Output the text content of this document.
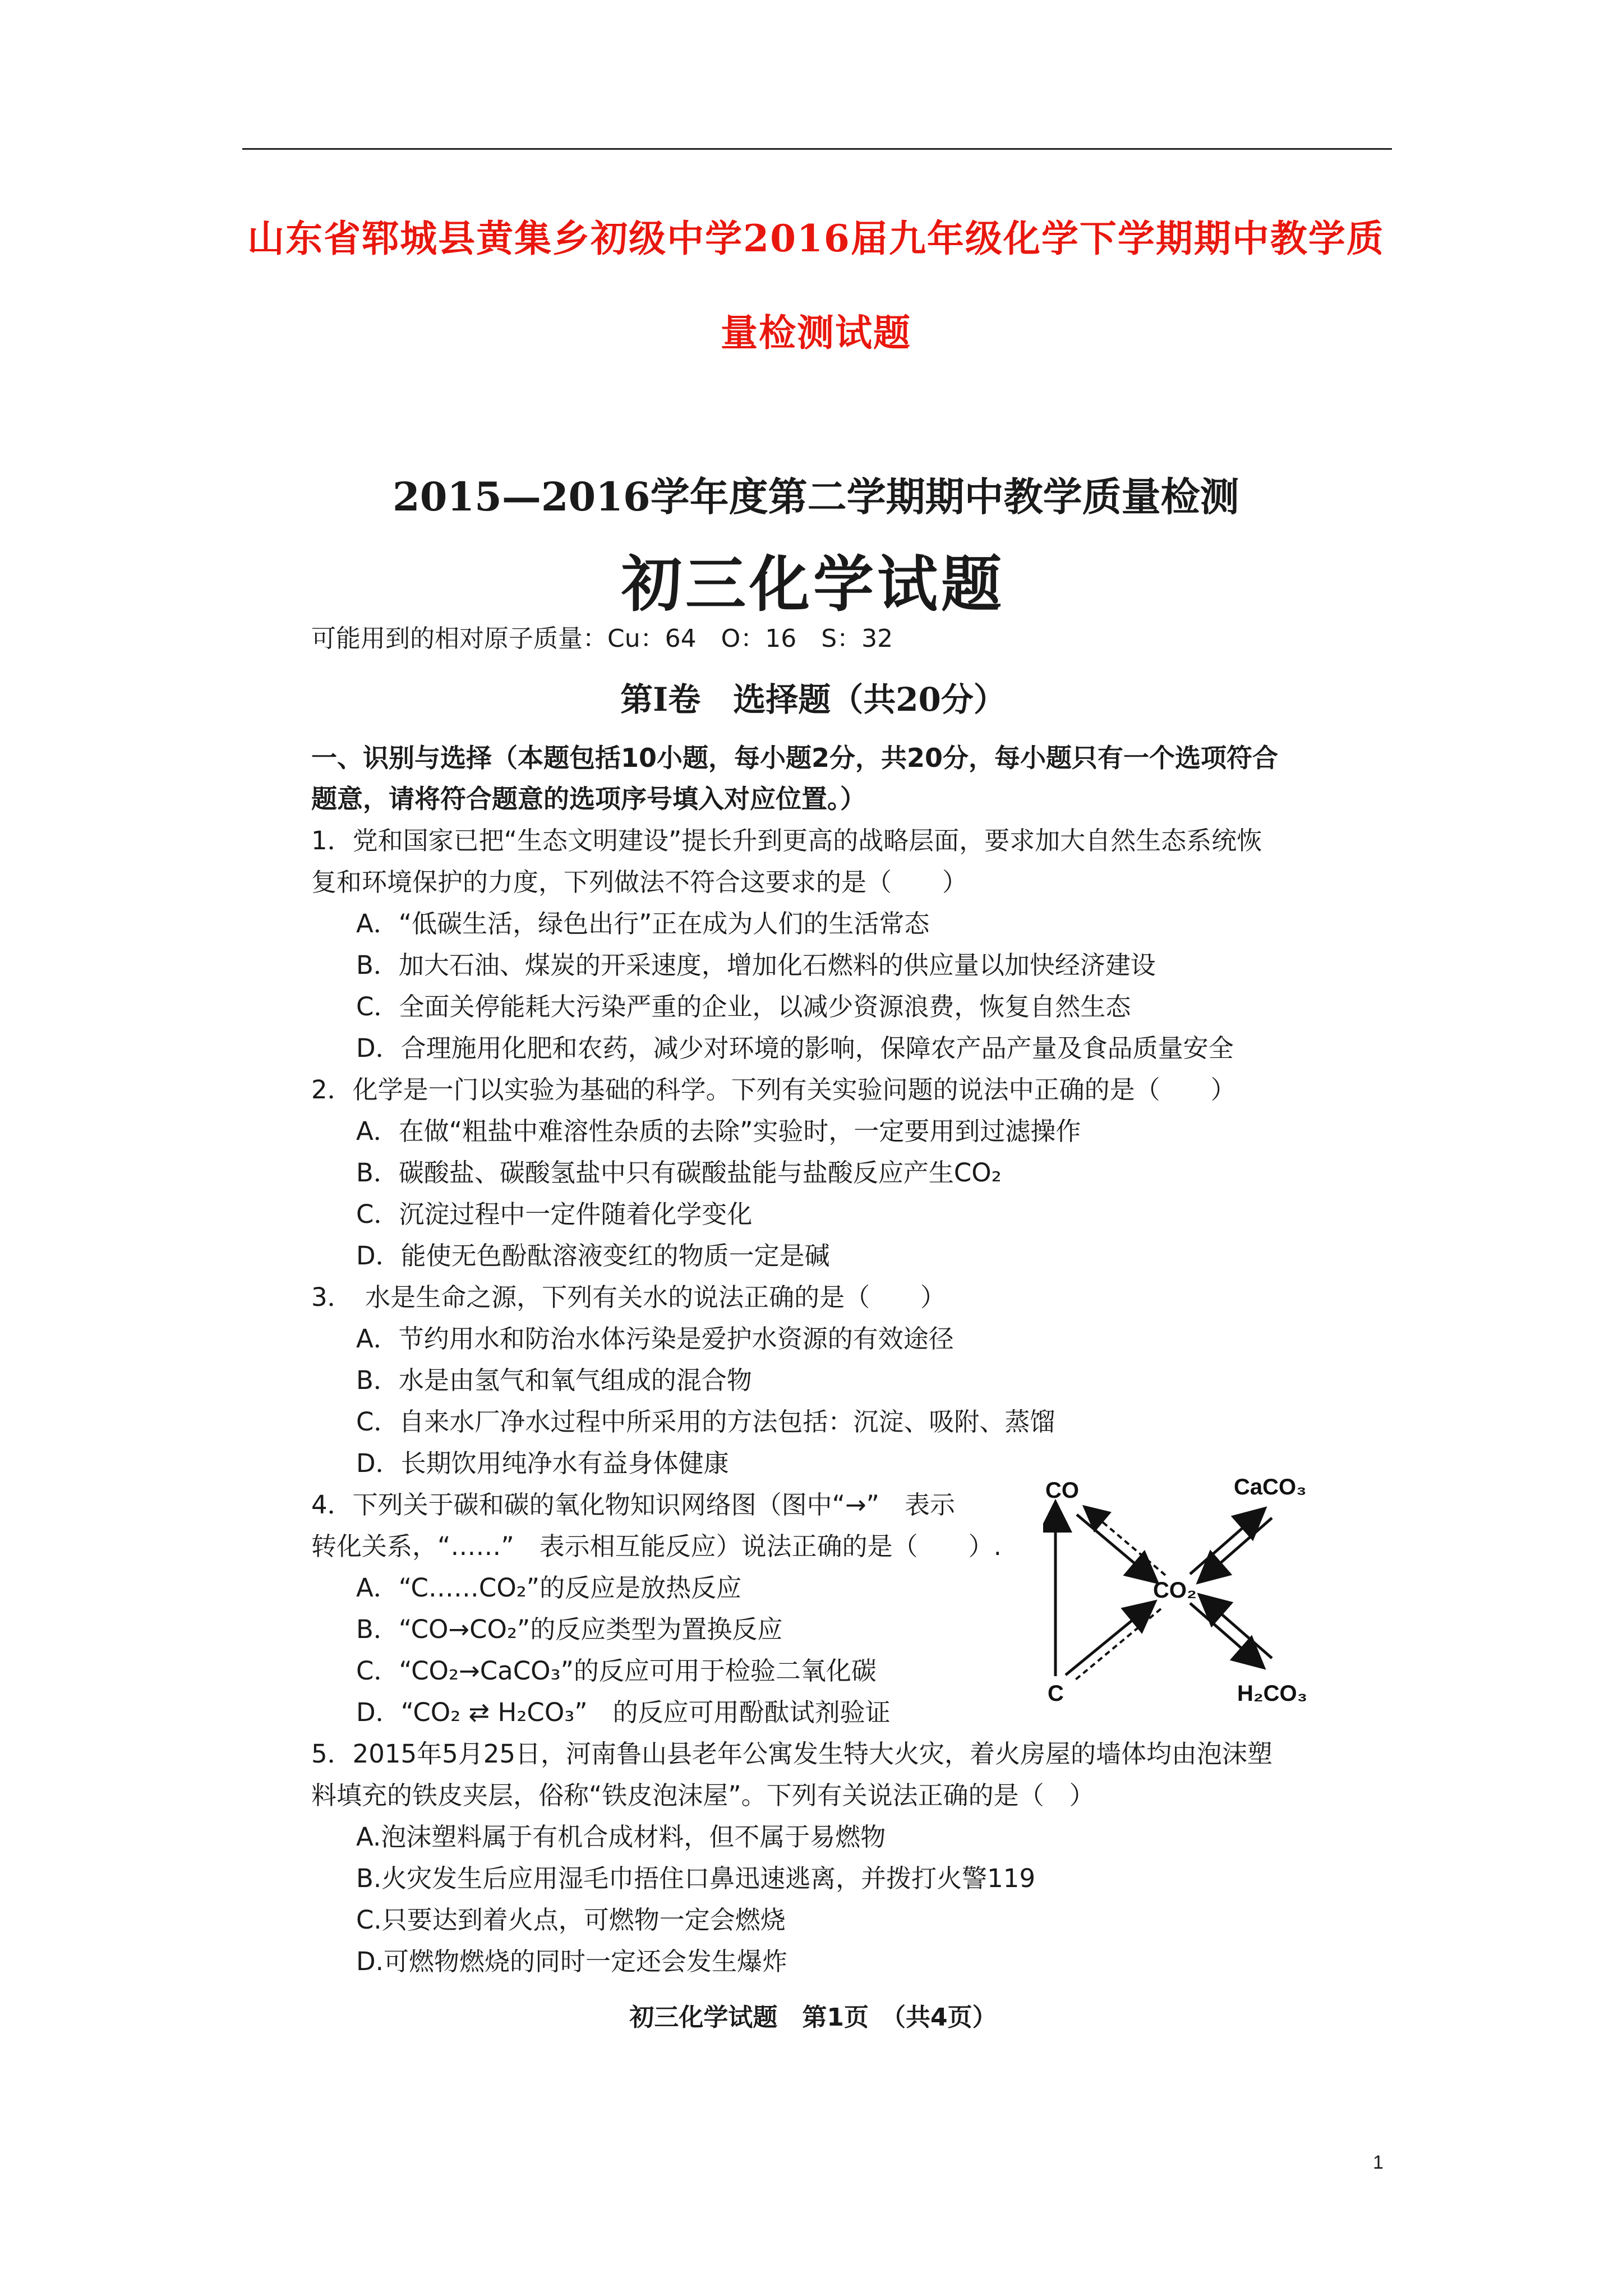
山东省郓城县黄集乡初级中学2016届九年级化学下学期期中教学质
量检测试题
2015—2016学年度第二学期期中教学质量检测
初三化学试题
可能用到的相对原子质量：Cu：64　O：16　S：32
第Ⅰ卷　选择题（共20分）
一、识别与选择（本题包括10小题，每小题2分，共20分，每小题只有一个选项符合
题意，请将符合题意的选项序号填入对应位置。）
1．党和国家已把“生态文明建设”提长升到更高的战略层面，要求加大自然生态系统恢
复和环境保护的力度，下列做法不符合这要求的是（　　）
A．“低碳生活，绿色出行”正在成为人们的生活常态
B．加大石油、煤炭的开采速度，增加化石燃料的供应量以加快经济建设
C．全面关停能耗大污染严重的企业，以减少资源浪费，恢复自然生态
D．合理施用化肥和农药，减少对环境的影响，保障农产品产量及食品质量安全
2．化学是一门以实验为基础的科学。下列有关实验问题的说法中正确的是（　　）
A．在做“粗盐中难溶性杂质的去除”实验时，一定要用到过滤操作
B．碳酸盐、碳酸氢盐中只有碳酸盐能与盐酸反应产生CO₂
C．沉淀过程中一定件随着化学变化
D．能使无色酚酞溶液变红的物质一定是碱
3．　水是生命之源，下列有关水的说法正确的是（　　）
A．节约用水和防治水体污染是爱护水资源的有效途径
B．水是由氢气和氧气组成的混合物
C．自来水厂净水过程中所采用的方法包括：沉淀、吸附、蒸馏
D．长期饮用纯净水有益身体健康
4．下列关于碳和碳的氧化物知识网络图（图中“→”　表示
转化关系，“……”　表示相互能反应）说法正确的是（　　）.
A．“C……CO₂”的反应是放热反应
B．“CO→CO₂”的反应类型为置换反应
C．“CO₂→CaCO₃”的反应可用于检验二氧化碳
D．“CO₂ ⇄ H₂CO₃”　的反应可用酚酞试剂验证
CO	CaCO₃
CO₂
C	H₂CO₃
5．2015年5月25日，河南鲁山县老年公寓发生特大火灾，着火房屋的墙体均由泡沫塑
料填充的铁皮夹层，俗称“铁皮泡沫屋”。下列有关说法正确的是（　）
A.泡沫塑料属于有机合成材料，但不属于易燃物
B.火灾发生后应用湿毛巾捂住口鼻迅速逃离，并拨打火警119
C.只要达到着火点，可燃物一定会燃烧
D.可燃物燃烧的同时一定还会发生爆炸
初三化学试题　第1页　（共4页）
1
